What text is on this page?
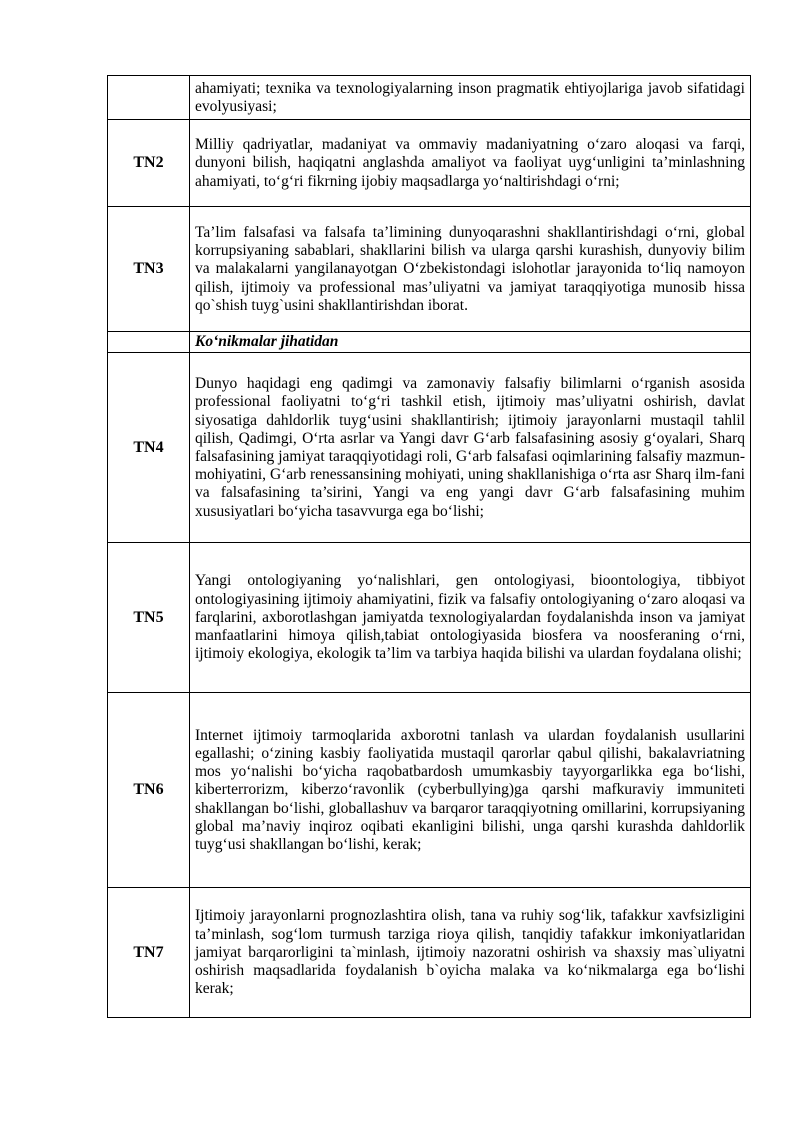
	ahamiyati; texnika va texnologiyalarning inson pragmatik ehtiyojlariga javob sifatidagi evolyusiyasi;
TN2	Milliy qadriyatlar, madaniyat va ommaviy madaniyatning o‘zaro aloqasi va farqi, dunyoni bilish, haqiqatni anglashda amaliyot va faoliyat uyg‘unligini ta’minlashning ahamiyati, to‘g‘ri fikrning ijobiy maqsadlarga yo‘naltirishdagi o‘rni;
TN3	Ta’lim falsafasi va falsafa ta’limining dunyoqarashni shakllantirishdagi o‘rni, global korrupsiyaning sabablari, shakllarini bilish va ularga qarshi kurashish, dunyoviy bilim va malakalarni yangilanayotgan O‘zbekistondagi islohotlar jarayonida to‘liq namoyon qilish, ijtimoiy va professional mas’uliyatni va jamiyat taraqqiyotiga munosib hissa qo`shish tuyg`usini shakllantirishdan iborat.
	Ko‘nikmalar jihatidan
TN4	Dunyo haqidagi eng qadimgi va zamonaviy falsafiy bilimlarni o‘rganish asosida professional faoliyatni to‘g‘ri tashkil etish, ijtimoiy mas’uliyatni oshirish, davlat siyosatiga dahldorlik tuyg‘usini shakllantirish; ijtimoiy jarayonlarni mustaqil tahlil qilish, Qadimgi, O‘rta asrlar va Yangi davr G‘arb falsafasining asosiy g‘oyalari, Sharq falsafasining jamiyat taraqqiyotidagi roli, G‘arb falsafasi oqimlarining falsafiy mazmun-mohiyatini, G‘arb renessansining mohiyati, uning shakllanishiga o‘rta asr Sharq ilm-fani va falsafasining ta’sirini, Yangi va eng yangi davr G‘arb falsafasining muhim xususiyatlari bo‘yicha tasavvurga ega bo‘lishi;
TN5	Yangi ontologiyaning yo‘nalishlari, gen ontologiyasi, bioontologiya, tibbiyot ontologiyasining ijtimoiy ahamiyatini, fizik va falsafiy ontologiyaning o‘zaro aloqasi va farqlarini, axborotlashgan jamiyatda texnologiyalardan foydalanishda inson va jamiyat manfaatlarini himoya qilish,tabiat ontologiyasida biosfera va noosferaning o‘rni, ijtimoiy ekologiya, ekologik ta’lim va tarbiya haqida bilishi va ulardan foydalana olishi;
TN6	Internet ijtimoiy tarmoqlarida axborotni tanlash va ulardan foydalanish usullarini egallashi; o‘zining kasbiy faoliyatida mustaqil qarorlar qabul qilishi, bakalavriatning mos yo‘nalishi bo‘yicha raqobatbardosh umumkasbiy tayyorgarlikka ega bo‘lishi, kiberterrorizm, kiberzo‘ravonlik (cyberbullying)ga qarshi mafkuraviy immuniteti shakllangan bo‘lishi, globallashuv va barqaror taraqqiyotning omillarini, korrupsiyaning global ma’naviy inqiroz oqibati ekanligini bilishi, unga qarshi kurashda dahldorlik tuyg‘usi shakllangan bo‘lishi, kerak;
TN7	Ijtimoiy jarayonlarni prognozlashtira olish, tana va ruhiy sog‘lik, tafakkur xavfsizligini ta’minlash, sog‘lom turmush tarziga rioya qilish, tanqidiy tafakkur imkoniyatlaridan jamiyat barqarorligini ta`minlash, ijtimoiy nazoratni oshirish va shaxsiy mas`uliyatni oshirish maqsadlarida foydalanish b`oyicha malaka va ko‘nikmalarga ega bo‘lishi kerak;
